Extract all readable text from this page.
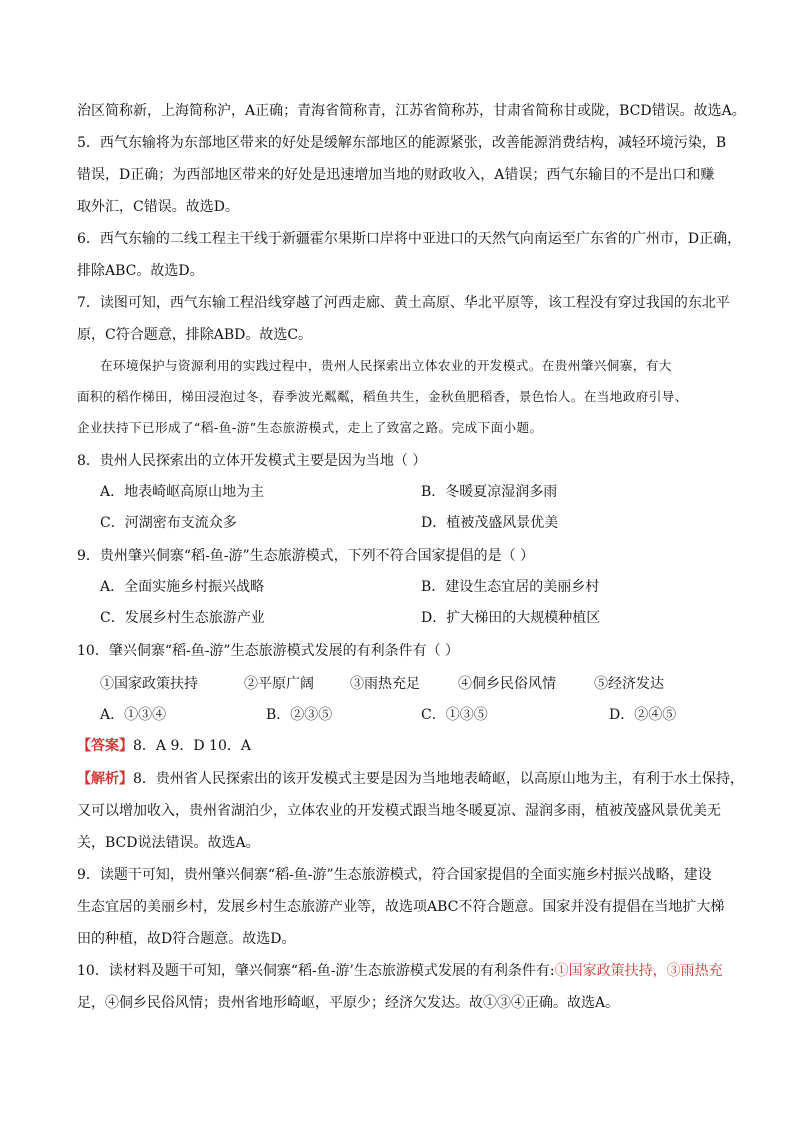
治区简称新，上海简称沪，A正确；青海省简称青，江苏省简称苏，甘肃省简称甘或陇，BCD错误。故选A。
5．西气东输将为东部地区带来的好处是缓解东部地区的能源紧张，改善能源消费结构，减轻环境污染，B
错误，D正确；为西部地区带来的好处是迅速增加当地的财政收入，A错误；西气东输目的不是出口和赚
取外汇，C错误。故选D。
6．西气东输的二线工程主干线于新疆霍尔果斯口岸将中亚进口的天然气向南运至广东省的广州市，D正确，
排除ABC。故选D。
7．读图可知，西气东输工程沿线穿越了河西走廊、黄土高原、华北平原等，该工程没有穿过我国的东北平
原，C符合题意，排除ABD。故选C。
在环境保护与资源利用的实践过程中，贵州人民探索出立体农业的开发模式。在贵州肇兴侗寨，有大
面积的稻作梯田，梯田浸泡过冬，春季波光粼粼，稻鱼共生，金秋鱼肥稻香，景色怡人。在当地政府引导、
企业扶持下已形成了“稻-鱼-游”生态旅游模式，走上了致富之路。完成下面小题。
8．贵州人民探索出的立体开发模式主要是因为当地（ ）
A．地表崎岖高原山地为主	B．冬暖夏凉湿润多雨
C．河湖密布支流众多	D．植被茂盛风景优美
9．贵州肇兴侗寨“稻-鱼-游”生态旅游模式，下列不符合国家提倡的是（ ）
A．全面实施乡村振兴战略	B．建设生态宜居的美丽乡村
C．发展乡村生态旅游产业	D．扩大梯田的大规模种植区
10．肇兴侗寨“稻-鱼-游”生态旅游模式发展的有利条件有（ ）
①国家政策扶持	②平原广阔	③雨热充足	④侗乡民俗风情	⑤经济发达
A．①③④	B．②③⑤	C．①③⑤	D．②④⑤
【答案】8．A 9．D 10．A
【解析】8．贵州省人民探索出的该开发模式主要是因为当地地表崎岖，以高原山地为主，有利于水土保持，
又可以增加收入，贵州省湖泊少，立体农业的开发模式跟当地冬暖夏凉、湿润多雨，植被茂盛风景优美无
关，BCD说法错误。故选A。
9．读题干可知，贵州肇兴侗寨“稻-鱼-游”生态旅游模式，符合国家提倡的全面实施乡村振兴战略，建设
生态宜居的美丽乡村，发展乡村生态旅游产业等，故选项ABC不符合题意。国家并没有提倡在当地扩大梯
田的种植，故D符合题意。故选D。
10．读材料及题干可知，肇兴侗寨“稻-鱼-游’生态旅游模式发展的有利条件有:①国家政策扶持，③雨热充
足，④侗乡民俗风情；贵州省地形崎岖，平原少；经济欠发达。故①③④正确。故选A。
